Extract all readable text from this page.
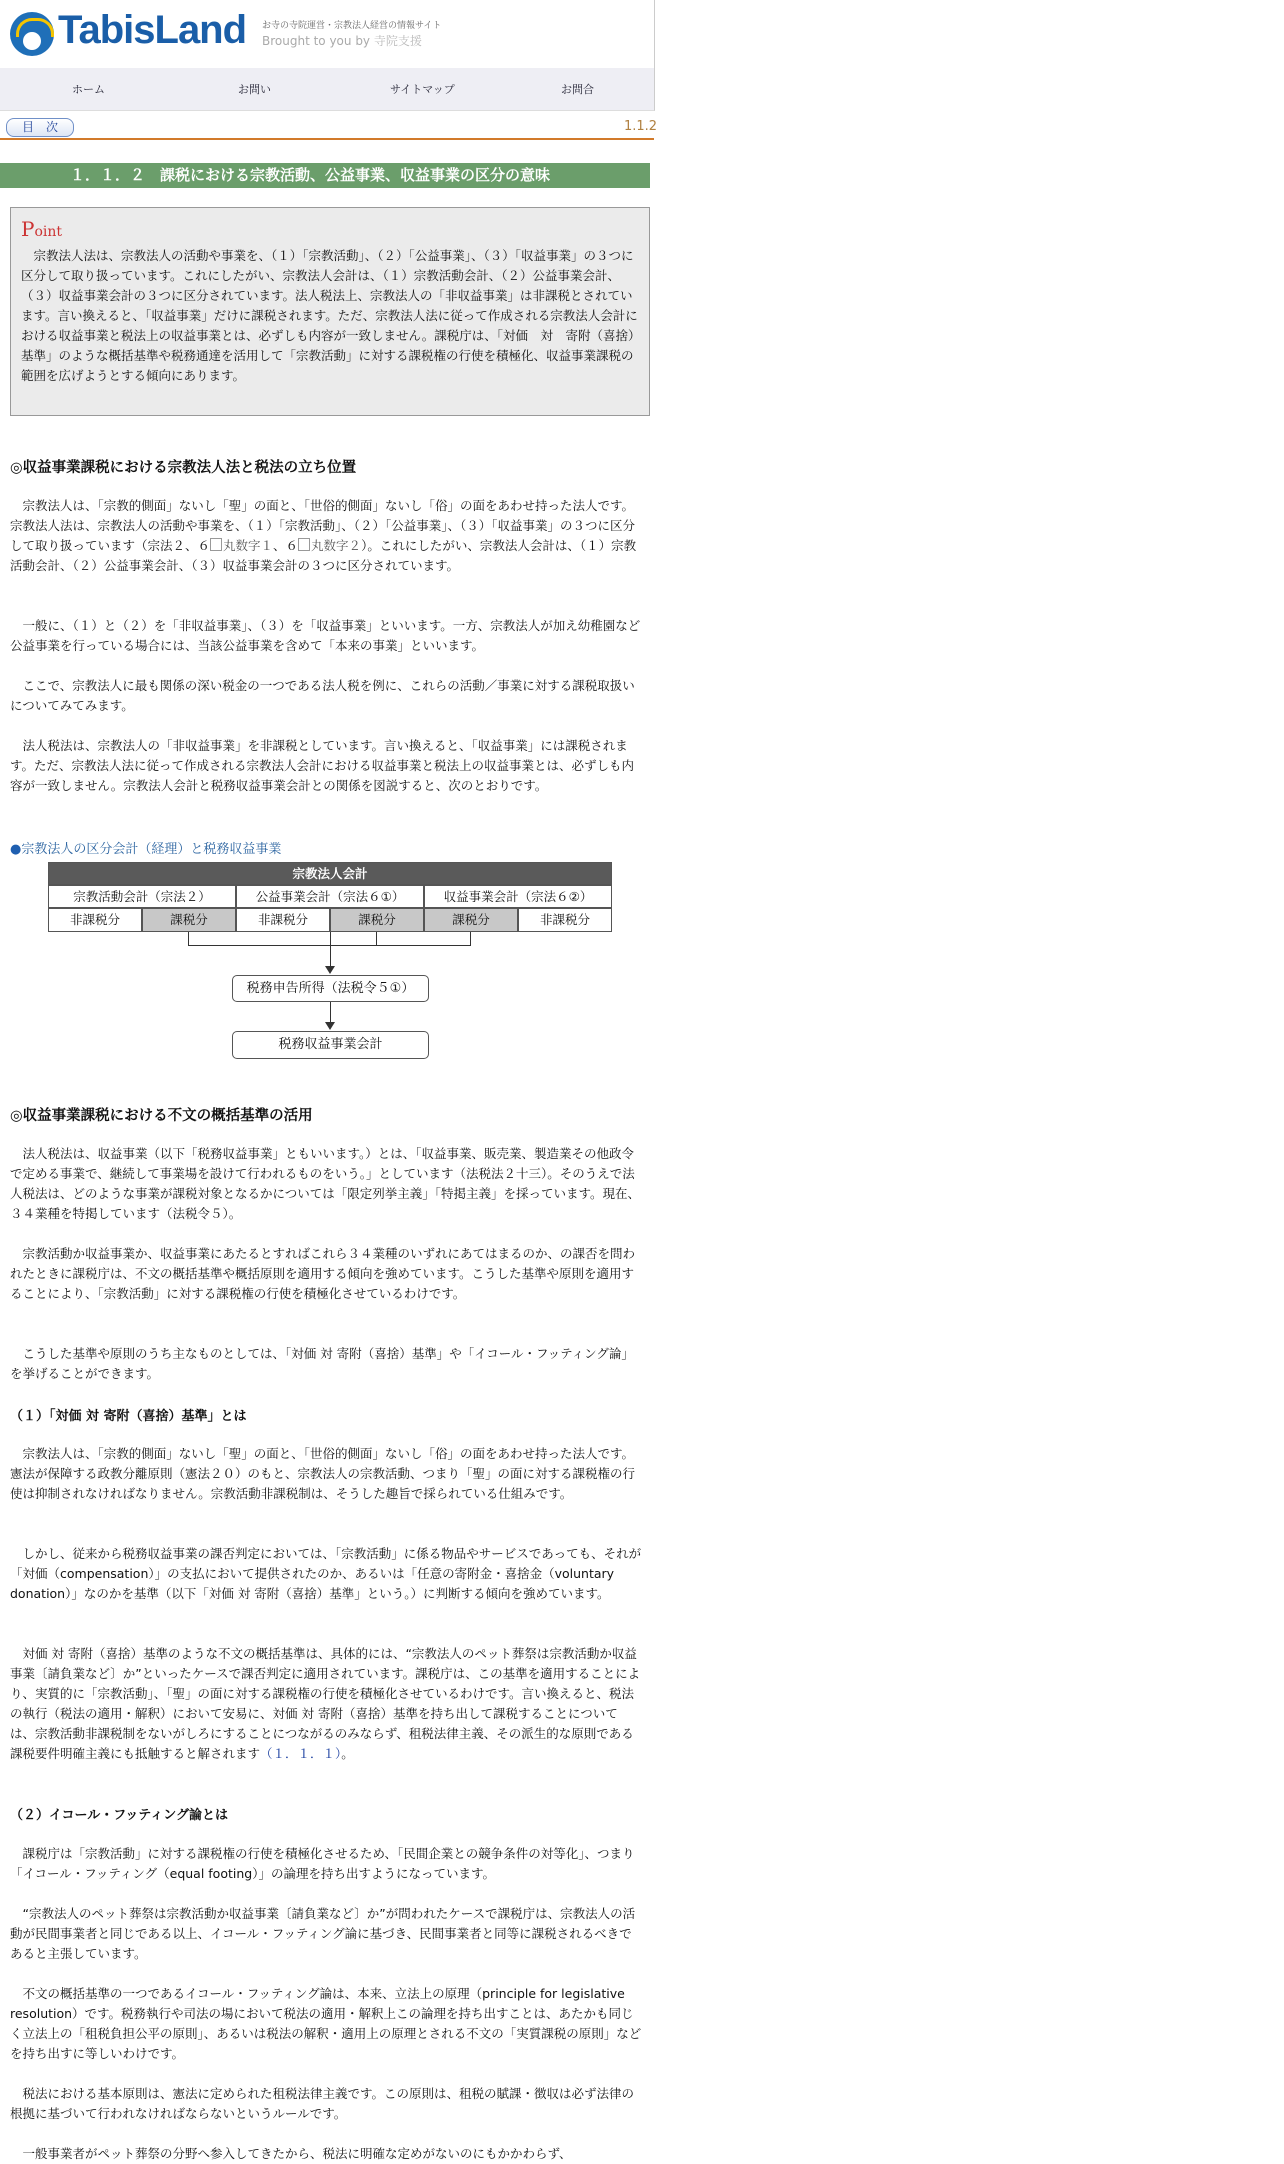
TabisLand お寺の寺院運営・宗教法人経営の情報サイト
Brought to you by 寺院支援
ホーム	お問い	サイトマップ	お問合
目　次	1.1.2
１．１．２　課税における宗教活動、公益事業、収益事業の区分の意味
Point
　宗教法人法は、宗教法人の活動や事業を、（１）「宗教活動」、（２）「公益事業」、（３）「収益事業」の３つに区分して取り扱っています。これにしたがい、宗教法人会計は、（１）宗教活動会計、（２）公益事業会計、（３）収益事業会計の３つに区分されています。法人税法上、宗教法人の「非収益事業」は非課税とされています。言い換えると、「収益事業」だけに課税されます。ただ、宗教法人法に従って作成される宗教法人会計における収益事業と税法上の収益事業とは、必ずしも内容が一致しません。課税庁は、「対価　対　寄附（喜捨）基準」のような概括基準や税務通達を活用して「宗教活動」に対する課税権の行使を積極化、収益事業課税の範囲を広げようとする傾向にあります。
◎収益事業課税における宗教法人法と税法の立ち位置
　宗教法人は、「宗教的側面」ないし「聖」の面と、「世俗的側面」ないし「俗」の面をあわせ持った法人です。宗教法人法は、宗教法人の活動や事業を、（１）「宗教活動」、（２）「公益事業」、（３）「収益事業」の３つに区分して取り扱っています（宗法２、６ 丸数字１、６ 丸数字２）。これにしたがい、宗教法人会計は、（１）宗教活動会計、（２）公益事業会計、（３）収益事業会計の３つに区分されています。
　一般に、（１）と（２）を「非収益事業」、（３）を「収益事業」といいます。一方、宗教法人が加え幼稚園など公益事業を行っている場合には、当該公益事業を含めて「本来の事業」といいます。
　ここで、宗教法人に最も関係の深い税金の一つである法人税を例に、これらの活動／事業に対する課税取扱いについてみてみます。
　法人税法は、宗教法人の「非収益事業」を非課税としています。言い換えると、「収益事業」には課税されます。ただ、宗教法人法に従って作成される宗教法人会計における収益事業と税法上の収益事業とは、必ずしも内容が一致しません。宗教法人会計と税務収益事業会計との関係を図説すると、次のとおりです。
●宗教法人の区分会計（経理）と税務収益事業
宗教法人会計
宗教活動会計（宗法２）	公益事業会計（宗法６①）	収益事業会計（宗法６②）
非課税分	課税分	非課税分	課税分	課税分	非課税分
税務申告所得（法税令５①）
税務収益事業会計
◎収益事業課税における不文の概括基準の活用
　法人税法は、収益事業（以下「税務収益事業」ともいいます。）とは、「収益事業、販売業、製造業その他政令で定める事業で、継続して事業場を設けて行われるものをいう。」としています（法税法２十三）。そのうえで法人税法は、どのような事業が課税対象となるかについては「限定列挙主義」「特掲主義」を採っています。現在、３４業種を特掲しています（法税令５）。
　宗教活動か収益事業か、収益事業にあたるとすればこれら３４業種のいずれにあてはまるのか、の課否を問われたときに課税庁は、不文の概括基準や概括原則を適用する傾向を強めています。こうした基準や原則を適用することにより、「宗教活動」に対する課税権の行使を積極化させているわけです。
　こうした基準や原則のうち主なものとしては、「対価 対 寄附（喜捨）基準」や「イコール・フッティング論」を挙げることができます。
（１）「対価 対 寄附（喜捨）基準」とは
　宗教法人は、「宗教的側面」ないし「聖」の面と、「世俗的側面」ないし「俗」の面をあわせ持った法人です。憲法が保障する政教分離原則（憲法２０）のもと、宗教法人の宗教活動、つまり「聖」の面に対する課税権の行使は抑制されなければなりません。宗教活動非課税制は、そうした趣旨で採られている仕組みです。
　しかし、従来から税務収益事業の課否判定においては、「宗教活動」に係る物品やサービスであっても、それが「対価（compensation）」の支払において提供されたのか、あるいは「任意の寄附金・喜捨金（voluntary donation）」なのかを基準（以下「対価 対 寄附（喜捨）基準」という。）に判断する傾向を強めています。
　対価 対 寄附（喜捨）基準のような不文の概括基準は、具体的には、“宗教法人のペット葬祭は宗教活動か収益事業〔請負業など〕か”といったケースで課否判定に適用されています。課税庁は、この基準を適用することにより、実質的に「宗教活動」、「聖」の面に対する課税権の行使を積極化させているわけです。言い換えると、税法の執行（税法の適用・解釈）において安易に、対価 対 寄附（喜捨）基準を持ち出して課税することについては、宗教活動非課税制をないがしろにすることにつながるのみならず、租税法律主義、その派生的な原則である課税要件明確主義にも抵触すると解されます（１．１．１）。
（２）イコール・フッティング論とは
　課税庁は「宗教活動」に対する課税権の行使を積極化させるため、「民間企業との競争条件の対等化」、つまり「イコール・フッティング（equal footing）」の論理を持ち出すようになっています。
　“宗教法人のペット葬祭は宗教活動か収益事業〔請負業など〕か”が問われたケースで課税庁は、宗教法人の活動が民間事業者と同じである以上、イコール・フッティング論に基づき、民間事業者と同等に課税されるべきであると主張しています。
　不文の概括基準の一つであるイコール・フッティング論は、本来、立法上の原理（principle for legislative resolution）です。税務執行や司法の場において税法の適用・解釈上この論理を持ち出すことは、あたかも同じく立法上の「租税負担公平の原則」、あるいは税法の解釈・適用上の原理とされる不文の「実質課税の原則」などを持ち出すに等しいわけです。
　税法における基本原則は、憲法に定められた租税法律主義です。この原則は、租税の賦課・徴収は必ず法律の根拠に基づいて行われなければならないというルールです。
　一般事業者がペット葬祭の分野へ参入してきたから、税法に明確な定めがないのにもかかわらず、
